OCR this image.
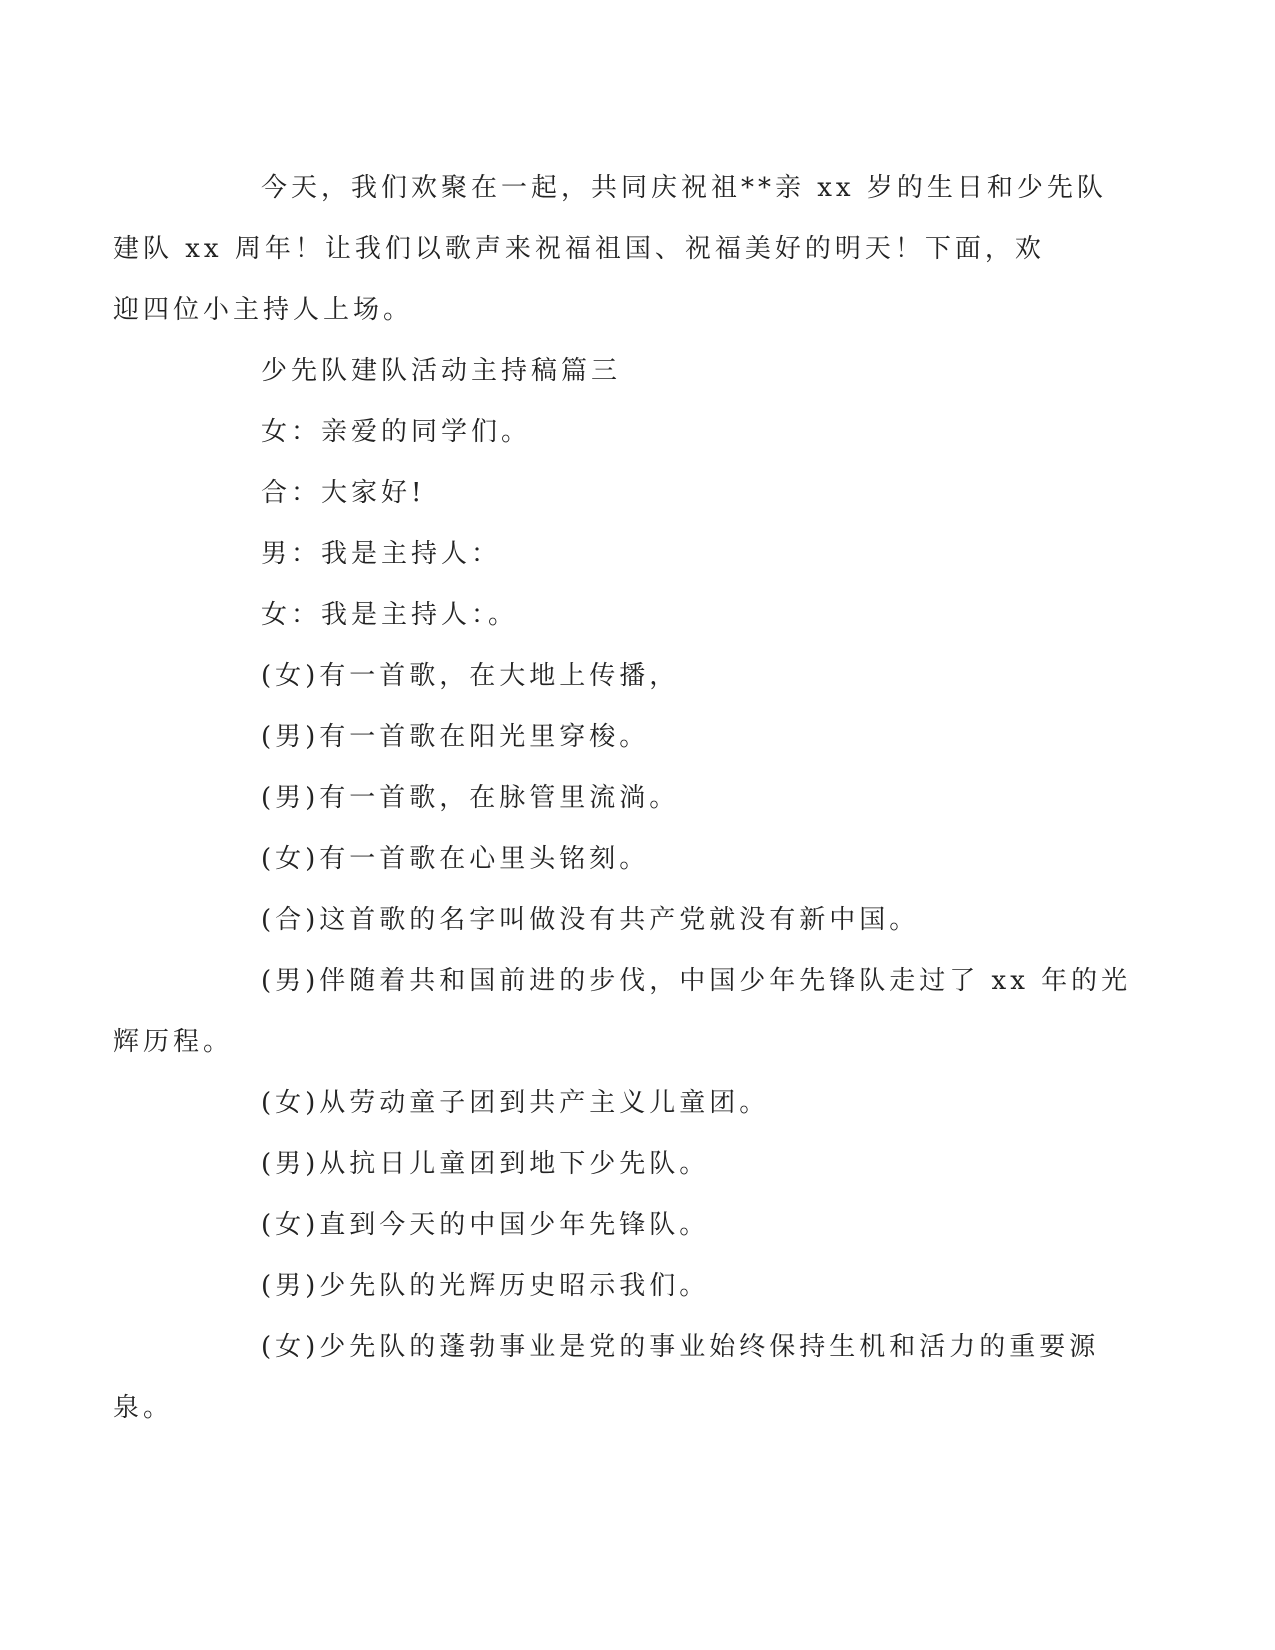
今天，我们欢聚在一起，共同庆祝祖**亲 xx 岁的生日和少先队
建队 xx 周年！让我们以歌声来祝福祖国、祝福美好的明天！下面，欢
迎四位小主持人上场。

少先队建队活动主持稿篇三

女：亲爱的同学们。

合：大家好!

男：我是主持人：

女：我是主持人：。

(女)有一首歌，在大地上传播，

(男)有一首歌在阳光里穿梭。

(男)有一首歌，在脉管里流淌。

(女)有一首歌在心里头铭刻。

(合)这首歌的名字叫做没有共产党就没有新中国。

(男)伴随着共和国前进的步伐，中国少年先锋队走过了 xx 年的光
辉历程。

(女)从劳动童子团到共产主义儿童团。

(男)从抗日儿童团到地下少先队。

(女)直到今天的中国少年先锋队。

(男)少先队的光辉历史昭示我们。

(女)少先队的蓬勃事业是党的事业始终保持生机和活力的重要源
泉。
